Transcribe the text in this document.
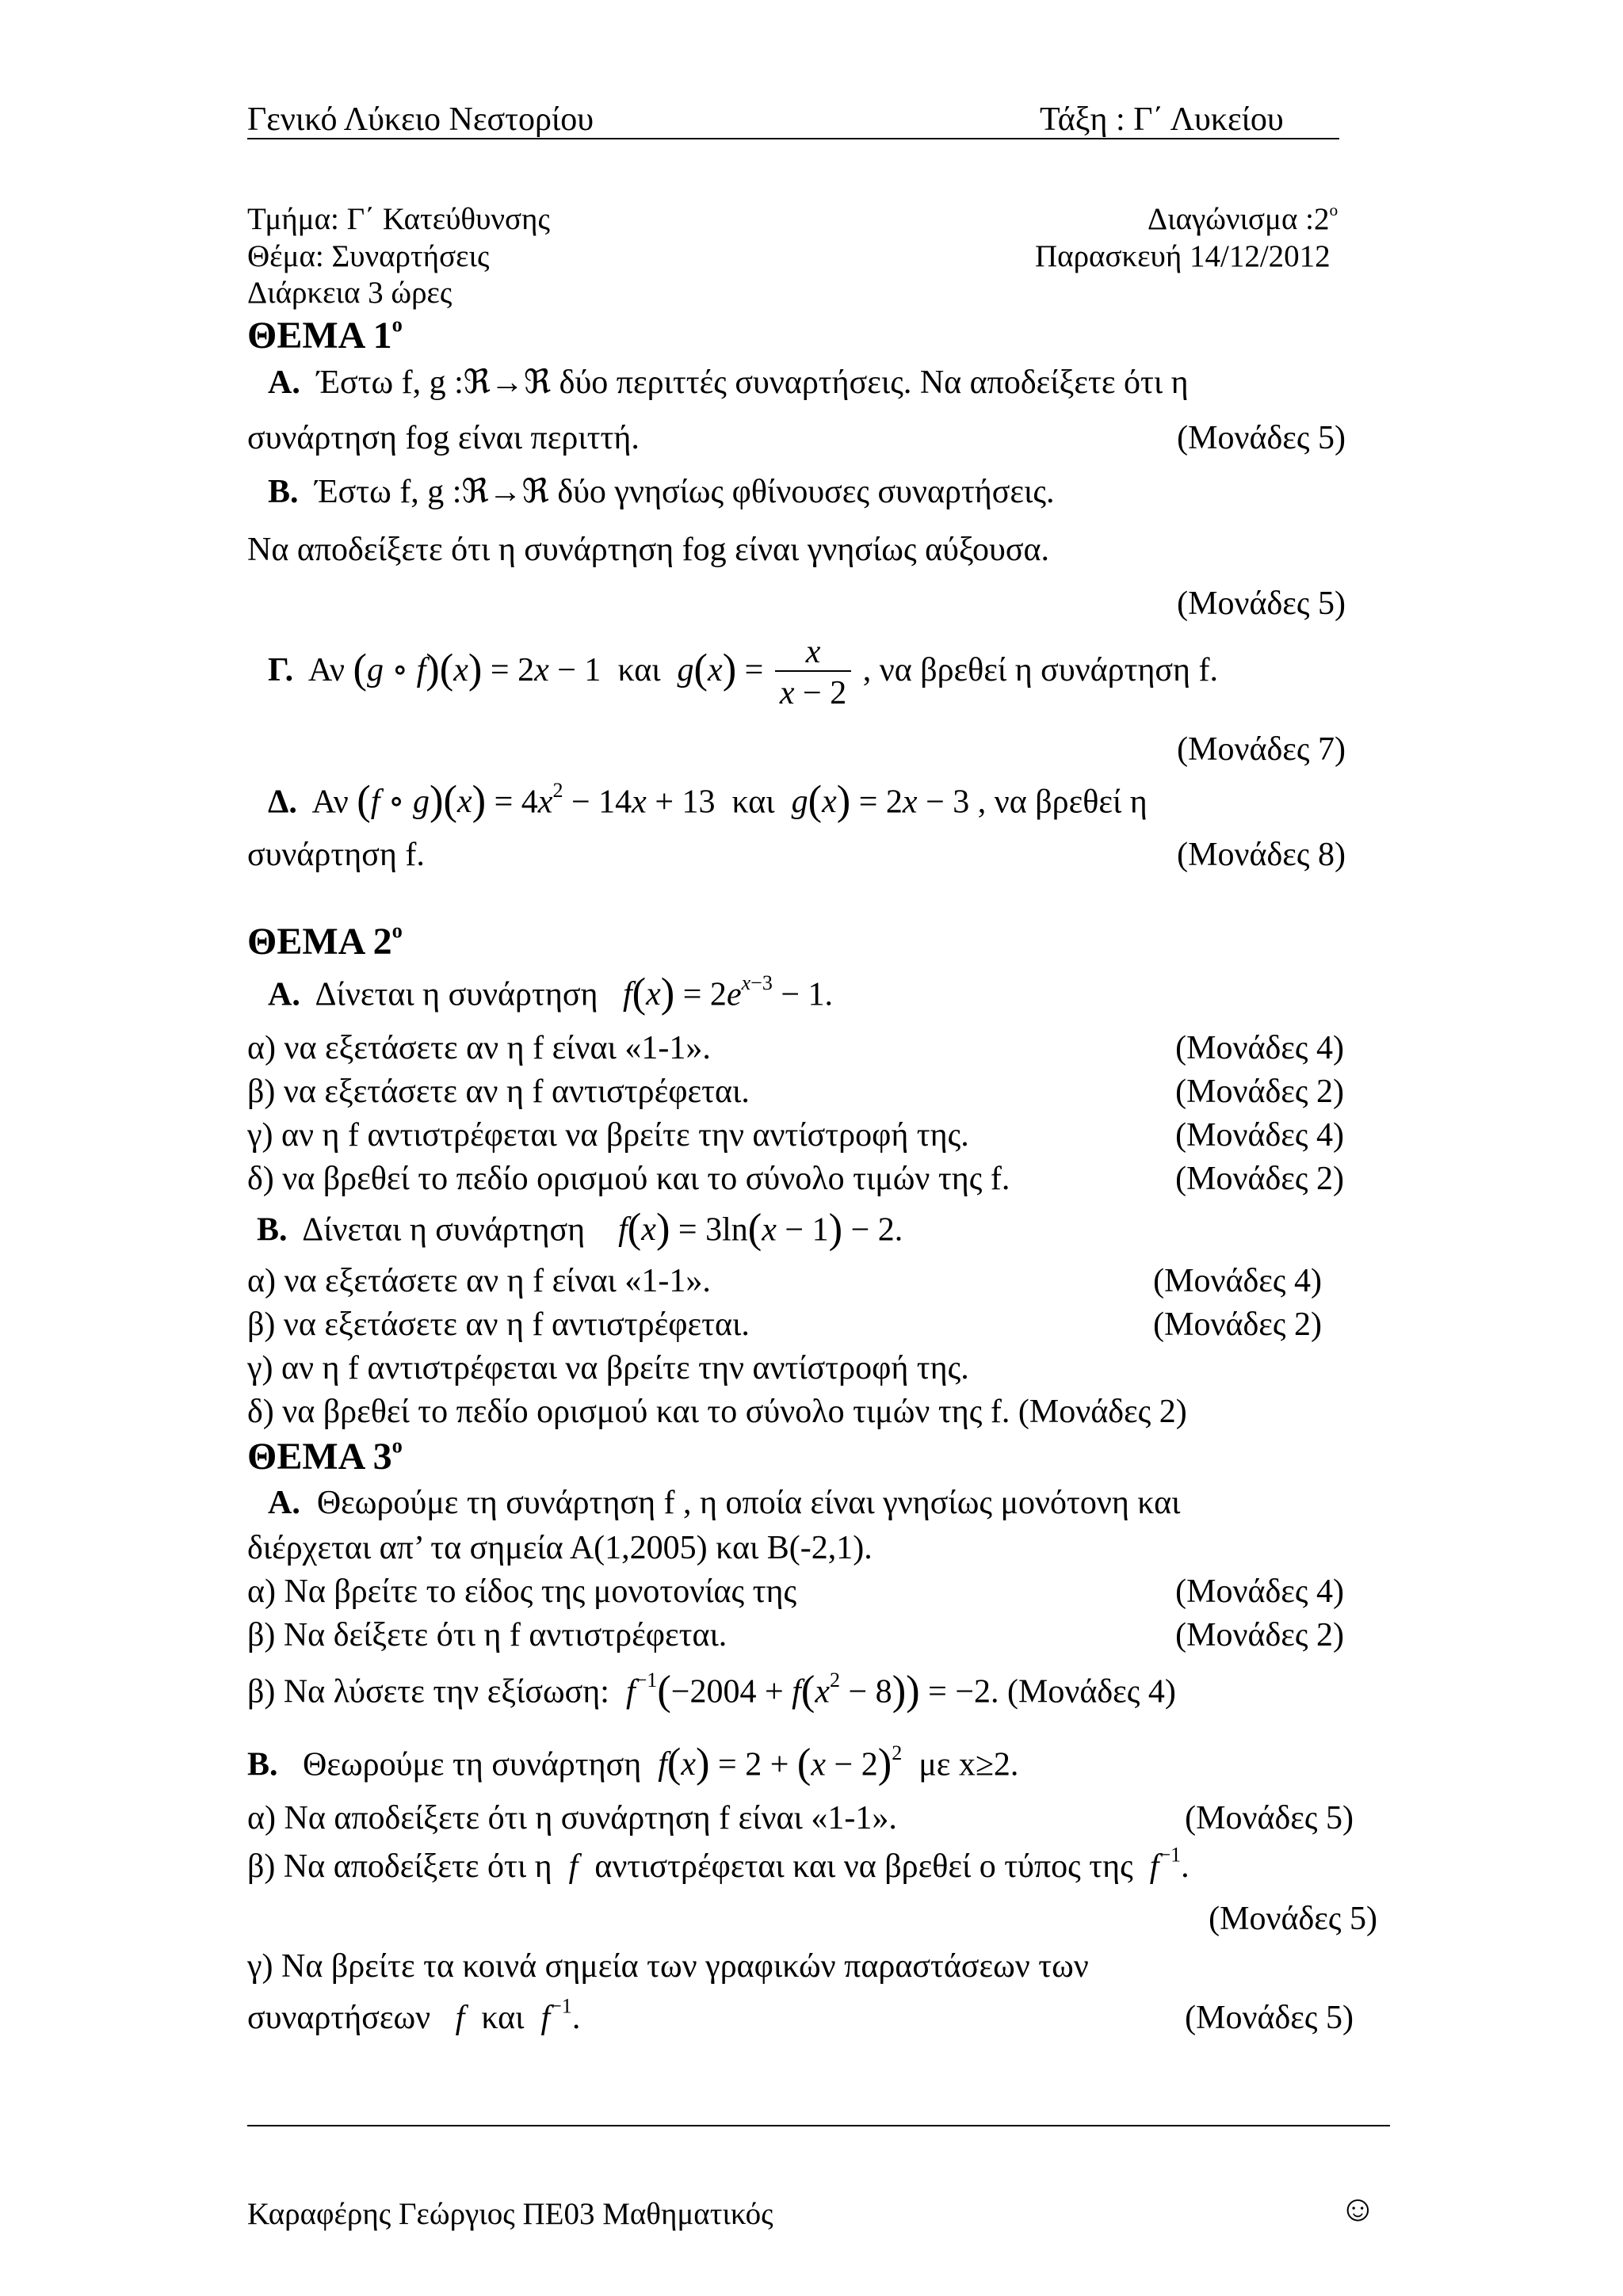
Γενικό Λύκειο Νεστορίου	Τάξη : Γ΄ Λυκείου
Τμήμα: Γ΄ Κατεύθυνσης	Διαγώνισμα $:2^o$
Θέμα: Συναρτήσεις	Παρασκευή 14/12/2012
Διάρκεια 3 ώρες
ΘΕΜΑ $1^o$
Α. Έστω f, g :ℜ→ℜ δύο περιττές συναρτήσεις. Να αποδείξετε ότι η
συνάρτηση fog είναι περιττή.	(Μονάδες 5)
Β. Έστω f, g :ℜ→ℜ δύο γνησίως φθίνουσες συναρτήσεις.
Να αποδείξετε ότι η συνάρτηση fog είναι γνησίως αύξουσα.
(Μονάδες 5)
Γ. Αν (g ∘ f)(x) = 2x − 1  και $g(x) = \frac{x}{x - 2}$ , να βρεθεί η συνάρτηση f.
(Μονάδες 7)
Δ. Αν (f ∘ $g)(x) = 4x^2 - 14x + 13$  και g(x) = 2x − 3 , να βρεθεί η
συνάρτηση f.	(Μονάδες 8)
ΘΕΜΑ $2^o$
Α. Δίνεται η συνάρτηση $f(x) = 2e^{x-3} - 1$.
α) να εξετάσετε αν η f είναι «1-1».	(Μονάδες 4)
β) να εξετάσετε αν η f αντιστρέφεται.	(Μονάδες 2)
γ) αν η f αντιστρέφεται να βρείτε την αντίστροφή της.	(Μονάδες 4)
δ) να βρεθεί το πεδίο ορισμού και το σύνολο τιμών της f.	(Μονάδες 2)
Β. Δίνεται η συνάρτηση f(x) = 3ln(x − 1) − 2.
α) να εξετάσετε αν η f είναι «1-1».	(Μονάδες 4)
β) να εξετάσετε αν η f αντιστρέφεται.	(Μονάδες 2)
γ) αν η f αντιστρέφεται να βρείτε την αντίστροφή της.
δ) να βρεθεί το πεδίο ορισμού και το σύνολο τιμών της f. (Μονάδες 2)
ΘΕΜΑ $3^o$
Α. Θεωρούμε τη συνάρτηση f , η οποία είναι γνησίως μονότονη και
διέρχεται απ’ τα σημεία Α(1,2005) και Β(-2,1).
α) Να βρείτε το είδος της μονοτονίας της	(Μονάδες 4)
β) Να δείξετε ότι η f αντιστρέφεται.	(Μονάδες 2)
β) Να λύσετε την εξίσωση: $f^{-1}(-2004 + f(x^2 - 8)) = -2$. (Μονάδες 4)
Β. Θεωρούμε τη συνάρτηση $f(x) = 2 + (x - 2)^2$ με x≥2.
α) Να αποδείξετε ότι η συνάρτηση f είναι «1-1».	(Μονάδες 5)
β) Να αποδείξετε ότι η f αντιστρέφεται και να βρεθεί ο τύπος της $f^{-1}$.
(Μονάδες 5)
γ) Να βρείτε τα κοινά σημεία των γραφικών παραστάσεων των
συναρτήσεων f και $f^{-1}$.	(Μονάδες 5)
Καραφέρης Γεώργιος ΠΕ03 Μαθηματικός	☺
